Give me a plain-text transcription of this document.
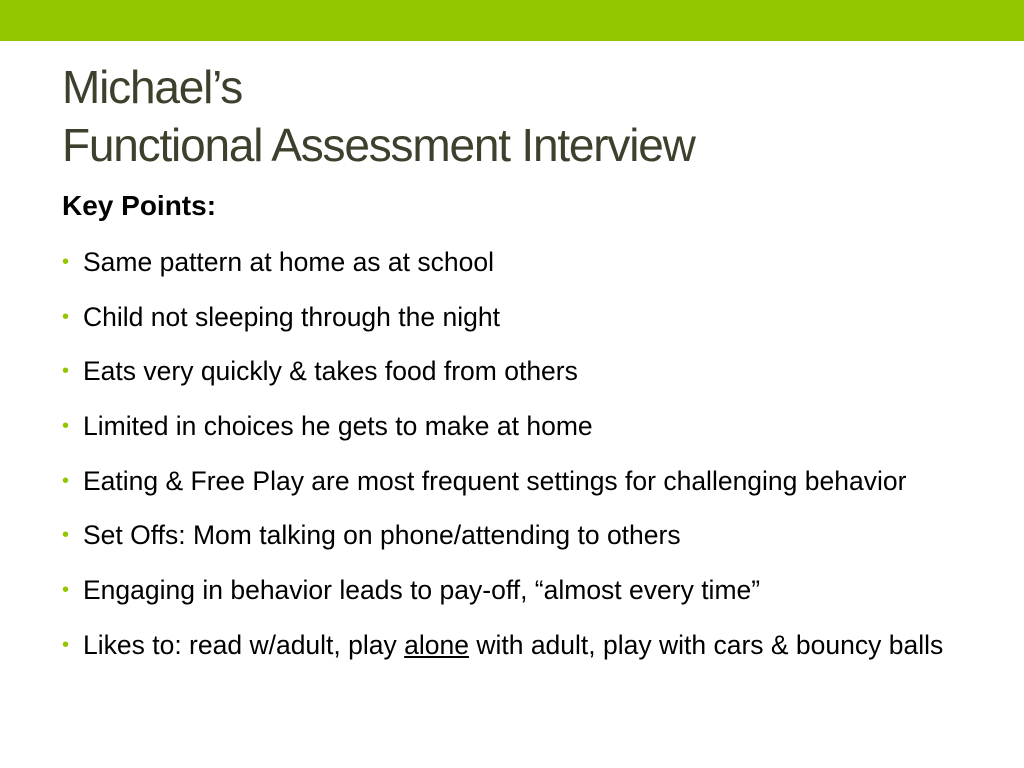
Michael’s
Functional Assessment Interview
Key Points:
• Same pattern at home as at school
• Child not sleeping through the night
• Eats very quickly & takes food from others
• Limited in choices he gets to make at home
• Eating & Free Play are most frequent settings for challenging behavior
• Set Offs: Mom talking on phone/attending to others
• Engaging in behavior leads to pay-off, “almost every time”
• Likes to: read w/adult, play alone with adult, play with cars & bouncy balls
